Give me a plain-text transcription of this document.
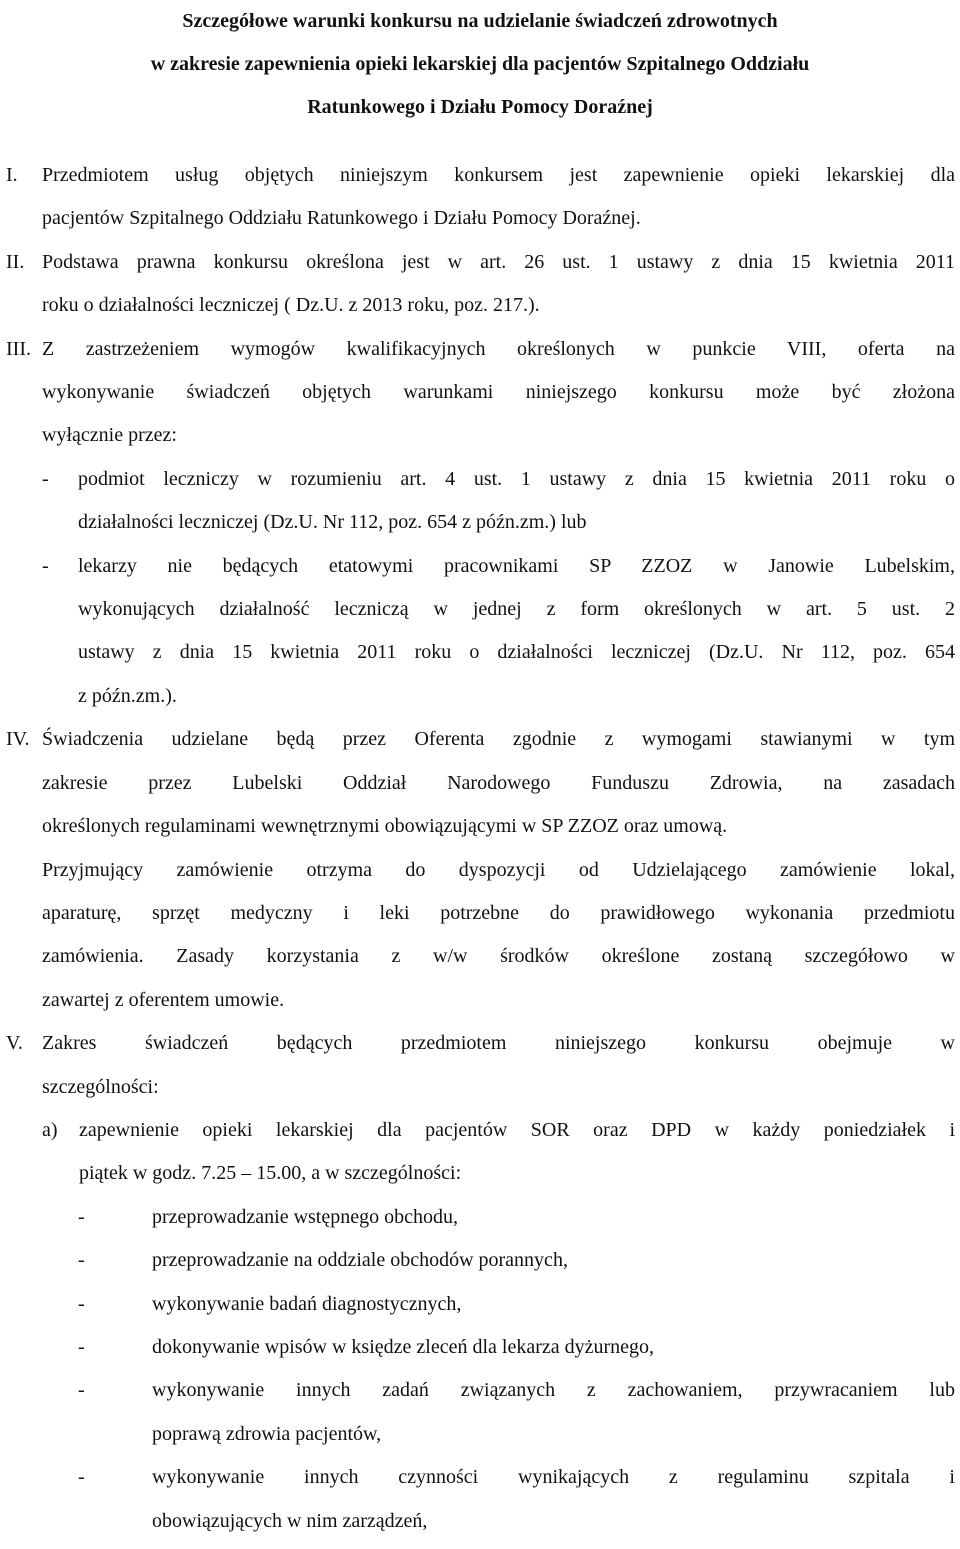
Szczegółowe warunki konkursu na udzielanie świadczeń zdrowotnych
w zakresie zapewnienia opieki lekarskiej dla pacjentów Szpitalnego Oddziału
Ratunkowego i Działu Pomocy Doraźnej
I.	Przedmiotem usług objętych niniejszym konkursem jest zapewnienie opieki lekarskiej dla
pacjentów Szpitalnego Oddziału Ratunkowego i Działu Pomocy Doraźnej.
II. Podstawa prawna konkursu określona jest w art. 26 ust. 1 ustawy z dnia 15 kwietnia 2011
roku o działalności leczniczej ( Dz.U. z 2013 roku, poz. 217.).
III. Z zastrzeżeniem wymogów kwalifikacyjnych określonych w punkcie VIII, oferta na
wykonywanie świadczeń objętych warunkami niniejszego konkursu może być złożona
wyłącznie przez:
-	podmiot leczniczy w rozumieniu art. 4 ust. 1 ustawy z dnia 15 kwietnia 2011 roku o
działalności leczniczej (Dz.U. Nr 112, poz. 654 z późn.zm.) lub
-	lekarzy nie będących etatowymi pracownikami SP ZZOZ w Janowie Lubelskim,
wykonujących działalność leczniczą w jednej z form określonych w art. 5 ust. 2
ustawy z dnia 15 kwietnia 2011 roku o działalności leczniczej (Dz.U. Nr 112, poz. 654
z późn.zm.).
IV. Świadczenia udzielane będą przez Oferenta zgodnie z wymogami stawianymi w tym
zakresie przez Lubelski Oddział Narodowego Funduszu Zdrowia, na zasadach
określonych regulaminami wewnętrznymi obowiązującymi w SP ZZOZ oraz umową.
Przyjmujący zamówienie otrzyma do dyspozycji od Udzielającego zamówienie lokal,
aparaturę, sprzęt medyczny i leki potrzebne do prawidłowego wykonania przedmiotu
zamówienia. Zasady korzystania z w/w środków określone zostaną szczegółowo w
zawartej z oferentem umowie.
V. Zakres świadczeń będących przedmiotem niniejszego konkursu obejmuje w
szczególności:
a)	zapewnienie opieki lekarskiej dla pacjentów SOR oraz DPD w każdy poniedziałek i
piątek w godz. 7.25 – 15.00, a w szczególności:
-	przeprowadzanie wstępnego obchodu,
-	przeprowadzanie na oddziale obchodów porannych,
-	wykonywanie badań diagnostycznych,
-	dokonywanie wpisów w księdze zleceń dla lekarza dyżurnego,
-	wykonywanie innych zadań związanych z zachowaniem, przywracaniem lub
poprawą zdrowia pacjentów,
-	wykonywanie innych czynności wynikających z regulaminu szpitala i
obowiązujących w nim zarządzeń,
